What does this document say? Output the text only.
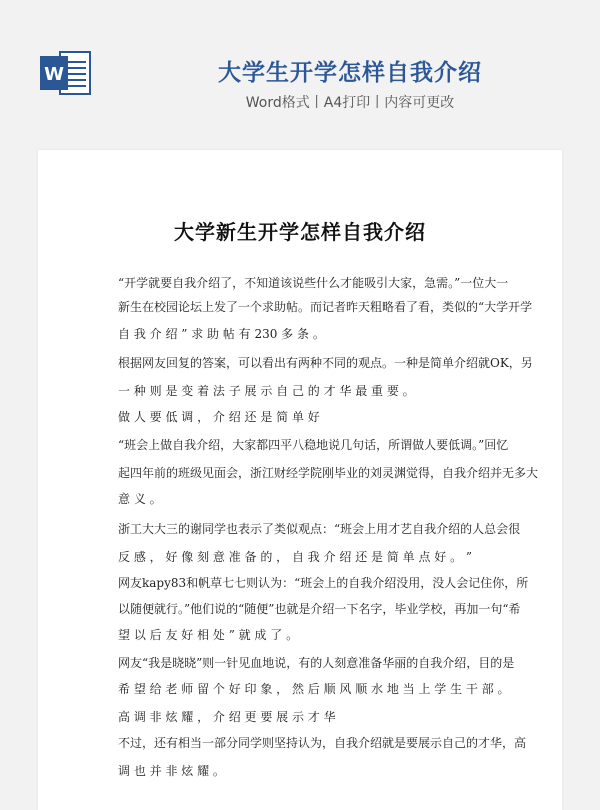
W	大学生开学怎样自我介绍
Word格式丨A4打印丨内容可更改
大学新生开学怎样自我介绍
“开学就要自我介绍了，不知道该说些什么才能吸引大家，急需。”一位大一
新生在校园论坛上发了一个求助帖。而记者昨天粗略看了看，类似的“大学开学
自 我 介 绍 ” 求 助 帖 有 230 多 条 。
根据网友回复的答案，可以看出有两种不同的观点。一种是简单介绍就OK，另
一 种 则 是 变 着 法 子 展 示 自 己 的 才 华 最 重 要 。
做 人 要 低 调 ， 介 绍 还 是 简 单 好
“班会上做自我介绍，大家都四平八稳地说几句话，所谓做人要低调。”回忆
起四年前的班级见面会，浙江财经学院刚毕业的刘灵渊觉得，自我介绍并无多大
意 义 。
浙工大大三的谢同学也表示了类似观点：“班会上用才艺自我介绍的人总会很
反 感 ， 好 像 刻 意 准 备 的 ， 自 我 介 绍 还 是 简 单 点 好 。 ”
网友kapy83和帆草七七则认为：“班会上的自我介绍没用，没人会记住你，所
以随便就行。”他们说的“随便”也就是介绍一下名字，毕业学校，再加一句“希
望 以 后 友 好 相 处 ” 就 成 了 。
网友“我是晓晓”则一针见血地说，有的人刻意准备华丽的自我介绍，目的是
希 望 给 老 师 留 个 好 印 象 ， 然 后 顺 风 顺 水 地 当 上 学 生 干 部 。
高 调 非 炫 耀 ， 介 绍 更 要 展 示 才 华
不过，还有相当一部分同学则坚持认为，自我介绍就是要展示自己的才华，高
调 也 并 非 炫 耀 。
